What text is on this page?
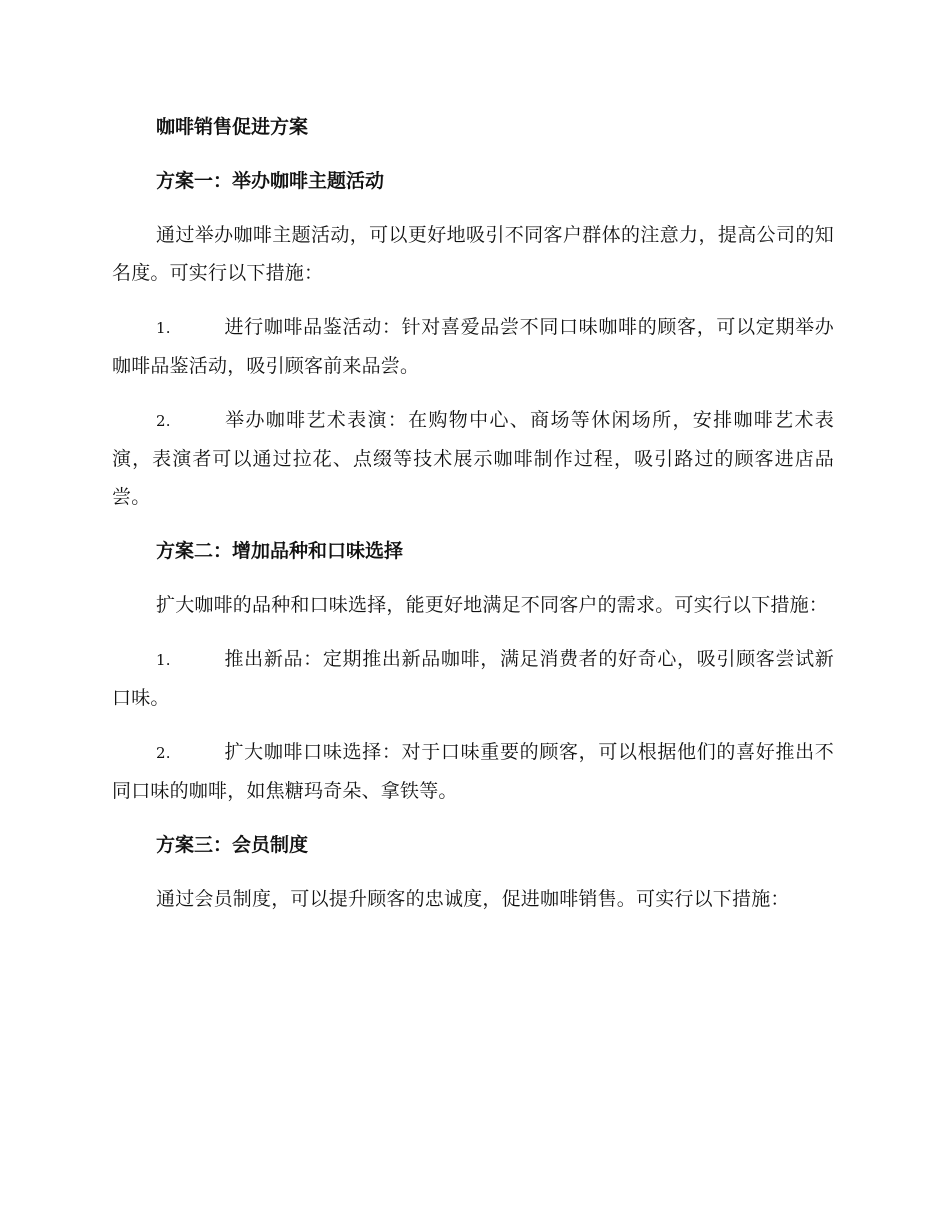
咖啡销售促进方案
方案一：举办咖啡主题活动

通过举办咖啡主题活动，可以更好地吸引不同客户群体的注意力，提高公司的知名度。可实行以下措施：

1.	进行咖啡品鉴活动：针对喜爱品尝不同口味咖啡的顾客，可以定期举办咖啡品鉴活动，吸引顾客前来品尝。

2.	举办咖啡艺术表演：在购物中心、商场等休闲场所，安排咖啡艺术表演，表演者可以通过拉花、点缀等技术展示咖啡制作过程，吸引路过的顾客进店品尝。

方案二：增加品种和口味选择

扩大咖啡的品种和口味选择，能更好地满足不同客户的需求。可实行以下措施：

1.	推出新品：定期推出新品咖啡，满足消费者的好奇心，吸引顾客尝试新口味。

2.	扩大咖啡口味选择：对于口味重要的顾客，可以根据他们的喜好推出不同口味的咖啡，如焦糖玛奇朵、拿铁等。

方案三：会员制度

通过会员制度，可以提升顾客的忠诚度，促进咖啡销售。可实行以下措施：
